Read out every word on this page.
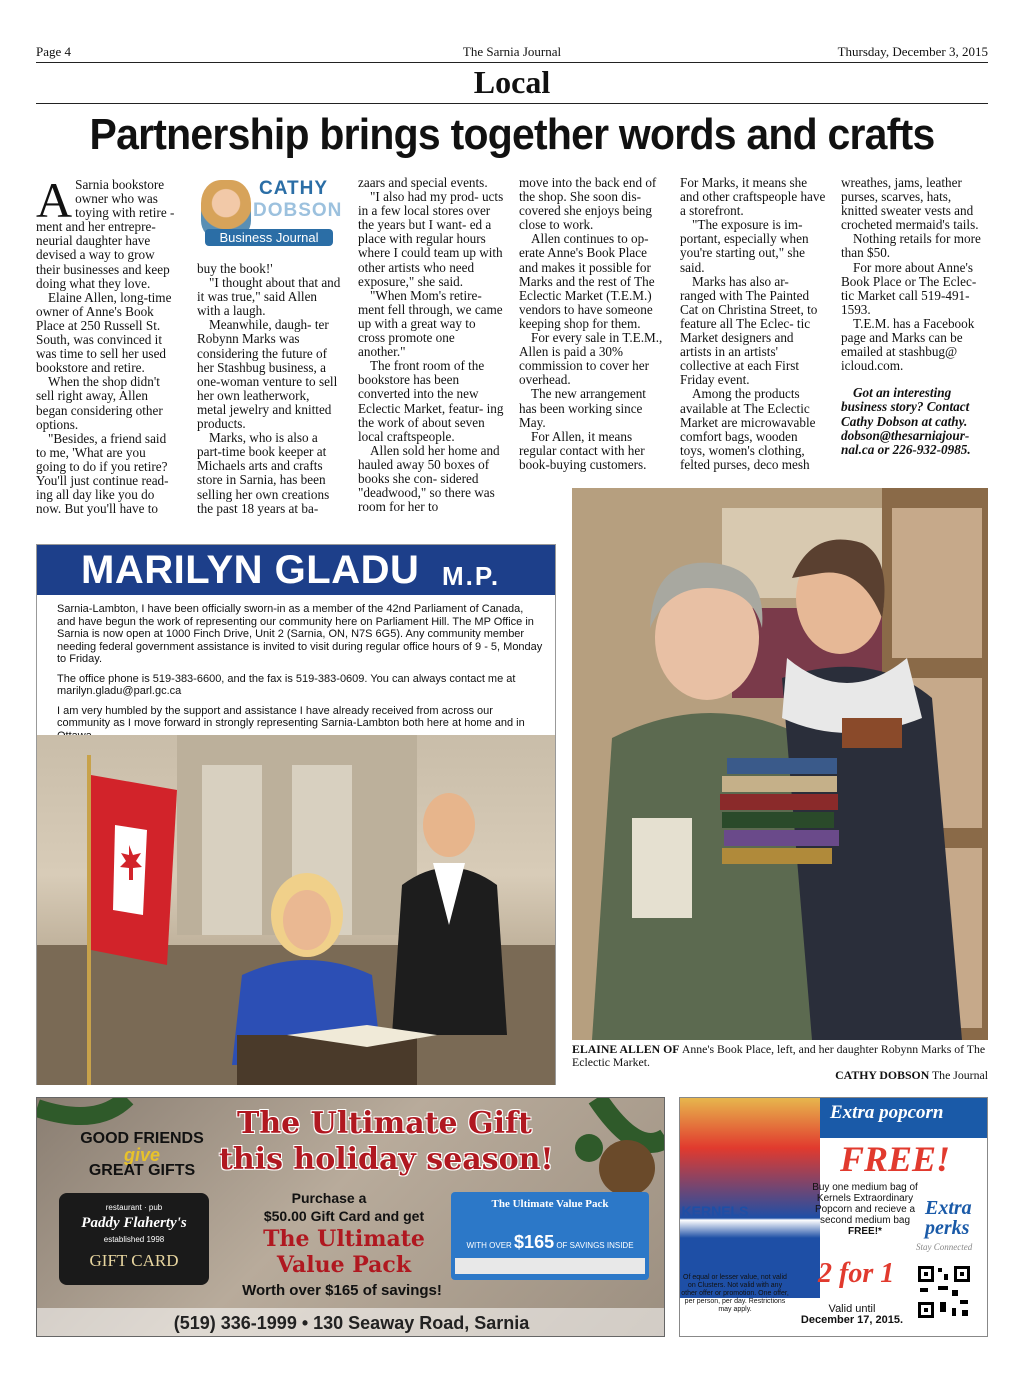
Page 4	The Sarnia Journal	Thursday, December 3, 2015
Local
Partnership brings together words and crafts

A Sarnia bookstore owner who was toying with retire - ment and her entrepre- neurial daughter have devised a way to grow their businesses and keep doing what they love.

Elaine Allen, long-time owner of Anne's Book Place at 250 Russell St. South, was convinced it was time to sell her used bookstore and retire.

When the shop didn't sell right away, Allen began considering other options.

"Besides, a friend said to me, 'What are you going to do if you retire? You'll just continue read- ing all day like you do now. But you'll have to

CATHY
DOBSON
Business Journal

buy the book!'

"I thought about that and it was true," said Allen with a laugh.

Meanwhile, daugh- ter Robynn Marks was considering the future of her Stashbug business, a one-woman venture to sell her own leatherwork, metal jewelry and knitted products.

Marks, who is also a part-time book keeper at Michaels arts and crafts store in Sarnia, has been selling her own creations the past 18 years at ba-

zaars and special events.

"I also had my prod- ucts in a few local stores over the years but I want- ed a place with regular hours where I could team up with other artists who need exposure," she said.

"When Mom's retire- ment fell through, we came up with a great way to cross promote one another."

The front room of the bookstore has been converted into the new Eclectic Market, featur- ing the work of about seven local craftspeople.

Allen sold her home and hauled away 50 boxes of books she con- sidered "deadwood," so there was room for her to

move into the back end of the shop. She soon dis- covered she enjoys being close to work.

Allen continues to op- erate Anne's Book Place and makes it possible for Marks and the rest of The Eclectic Market (T.E.M.) vendors to have someone keeping shop for them.

For every sale in T.E.M., Allen is paid a 30% commission to cover her overhead.

The new arrangement has been working since May.

For Allen, it means regular contact with her book-buying customers.

For Marks, it means she and other craftspeople have a storefront.

"The exposure is im- portant, especially when you're starting out," she said.

Marks has also ar- ranged with The Painted Cat on Christina Street, to feature all The Eclec- tic Market designers and artists in an artists' collective at each First Friday event.

Among the products available at The Eclectic Market are microwavable comfort bags, wooden toys, women's clothing, felted purses, deco mesh

wreathes, jams, leather purses, scarves, hats, knitted sweater vests and crocheted mermaid's tails.

Nothing retails for more than $50.

For more about Anne's Book Place or The Eclec- tic Market call 519-491- 1593.

T.E.M. has a Facebook page and Marks can be emailed at stashbug@ icloud.com.

Got an interesting business story? Contact Cathy Dobson at cathy. dobson@thesarniajour- nal.ca or 226-932-0985.

MARILYN GLADU M.P.

Sarnia-Lambton, I have been officially sworn-in as a member of the 42nd Parliament of Canada, and have begun the work of representing our community here on Parliament Hill. The MP Office in Sarnia is now open at 1000 Finch Drive, Unit 2 (Sarnia, ON, N7S 6G5). Any community member needing federal government assistance is invited to visit during regular office hours of 9 - 5, Monday to Friday.

The office phone is 519-383-6600, and the fax is 519-383-0609. You can always contact me at marilyn.gladu@parl.gc.ca

I am very humbled by the support and assistance I have already received from across our community as I move forward in strongly representing Sarnia-Lambton both here at home and in

ELAINE ALLEN OF Anne's Book Place, left, and her daughter Robynn Marks of The Eclectic Market.
CATHY DOBSON The Journal
The Ultimate Gift
this holiday season!
GOOD FRIENDS
give
GREAT GIFTS
restaurant · pub
Paddy Flaherty's
established 1998
GIFT CARD
Purchase a
$50.00 Gift Card and get
The Ultimate
Value Pack
Worth over $165 of savings!
The Ultimate Value Pack
WITH OVER $165 OF SAVINGS INSIDE
(519) 336-1999 • 130 Seaway Road, Sarnia
KERNELS
Extra popcorn
FREE!
Buy one medium bag of Kernels Extraordinary Popcorn and recieve a second medium bag
FREE!*
Extra perks
Stay Connected
Of equal or lesser value, not valid on Clusters. Not valid with any other offer or promotion. One offer, per person, per day. Restrictions may apply.
2 for 1
Valid until
December 17, 2015.
